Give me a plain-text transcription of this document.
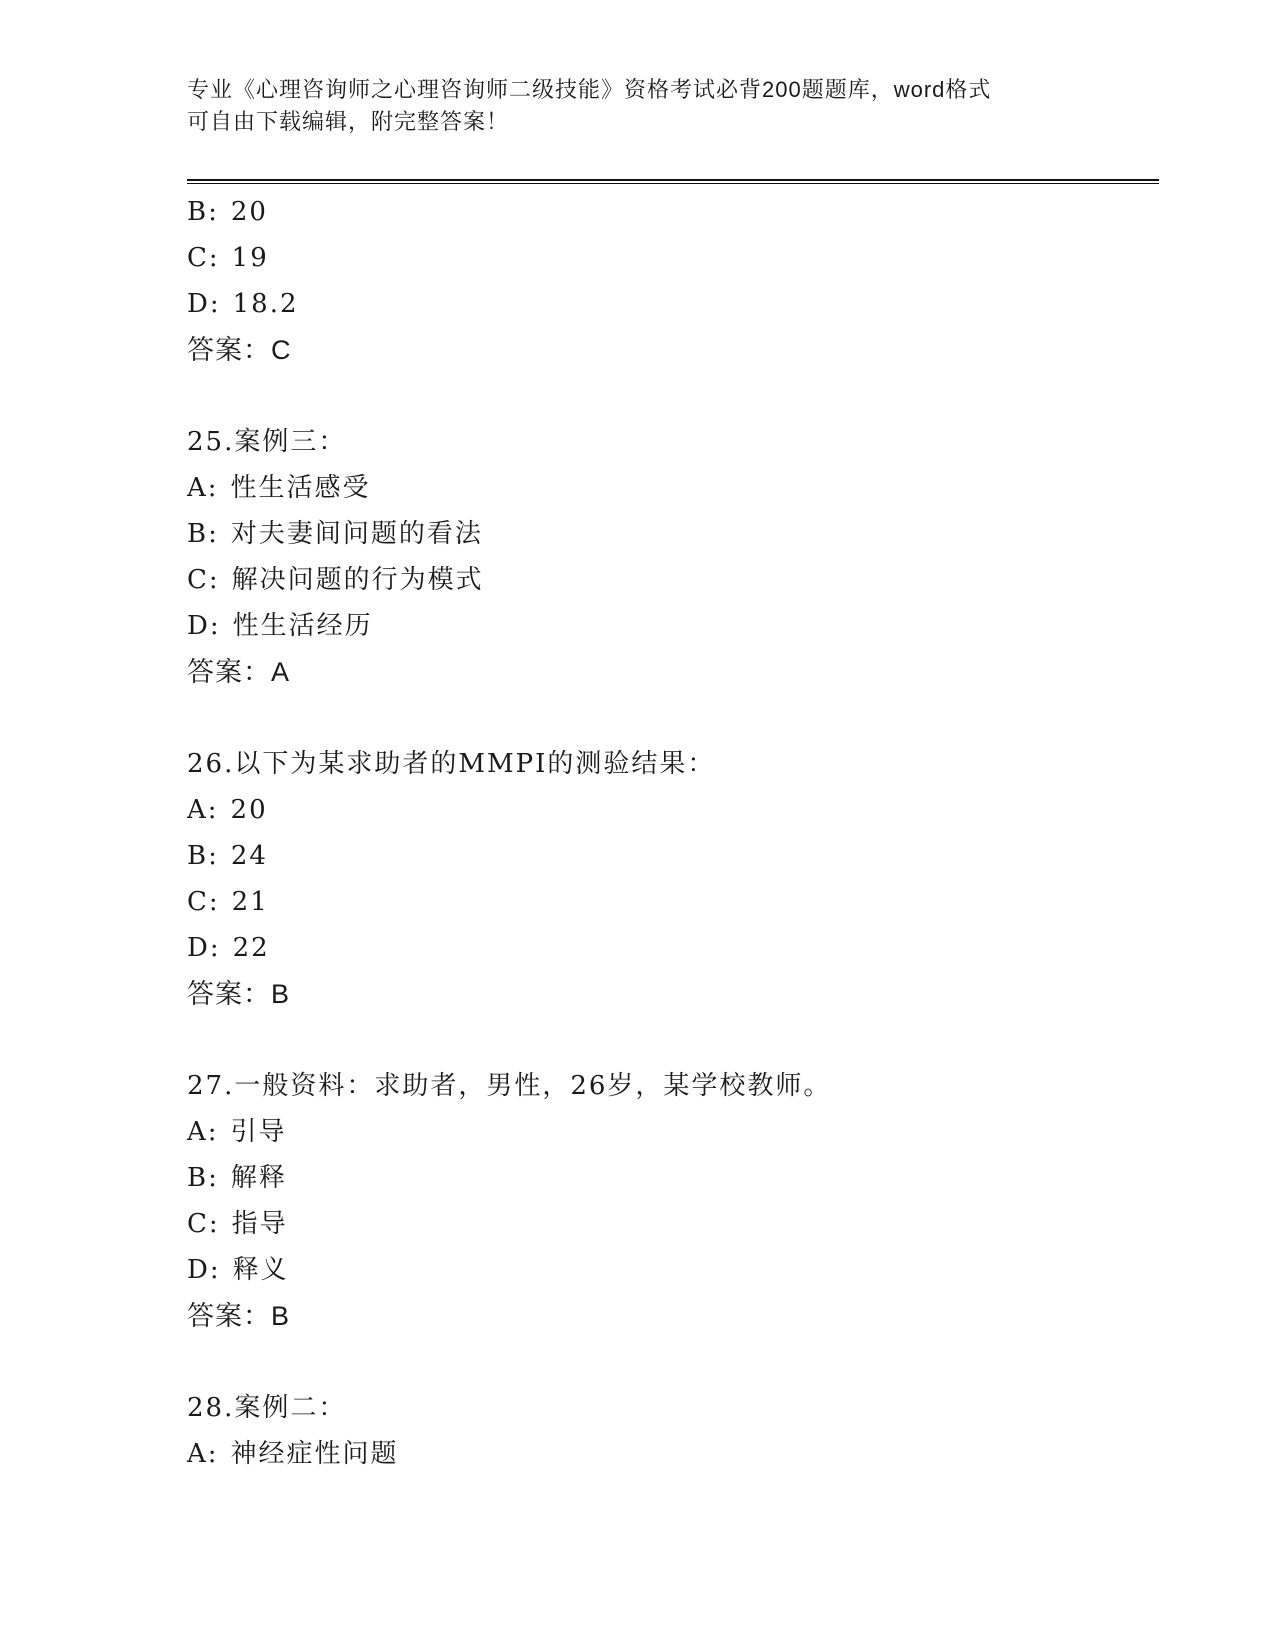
专业《心理咨询师之心理咨询师二级技能》资格考试必背200题题库，word格式
可自由下载编辑，附完整答案！
B: 20
C: 19
D: 18.2
答案：C
25.案例三：
A: 性生活感受
B: 对夫妻间问题的看法
C: 解决问题的行为模式
D: 性生活经历
答案：A
26.以下为某求助者的MMPI的测验结果：
A: 20
B: 24
C: 21
D: 22
答案：B
27.一般资料：求助者，男性，26岁，某学校教师。
A: 引导
B: 解释
C: 指导
D: 释义
答案：B
28.案例二：
A: 神经症性问题
